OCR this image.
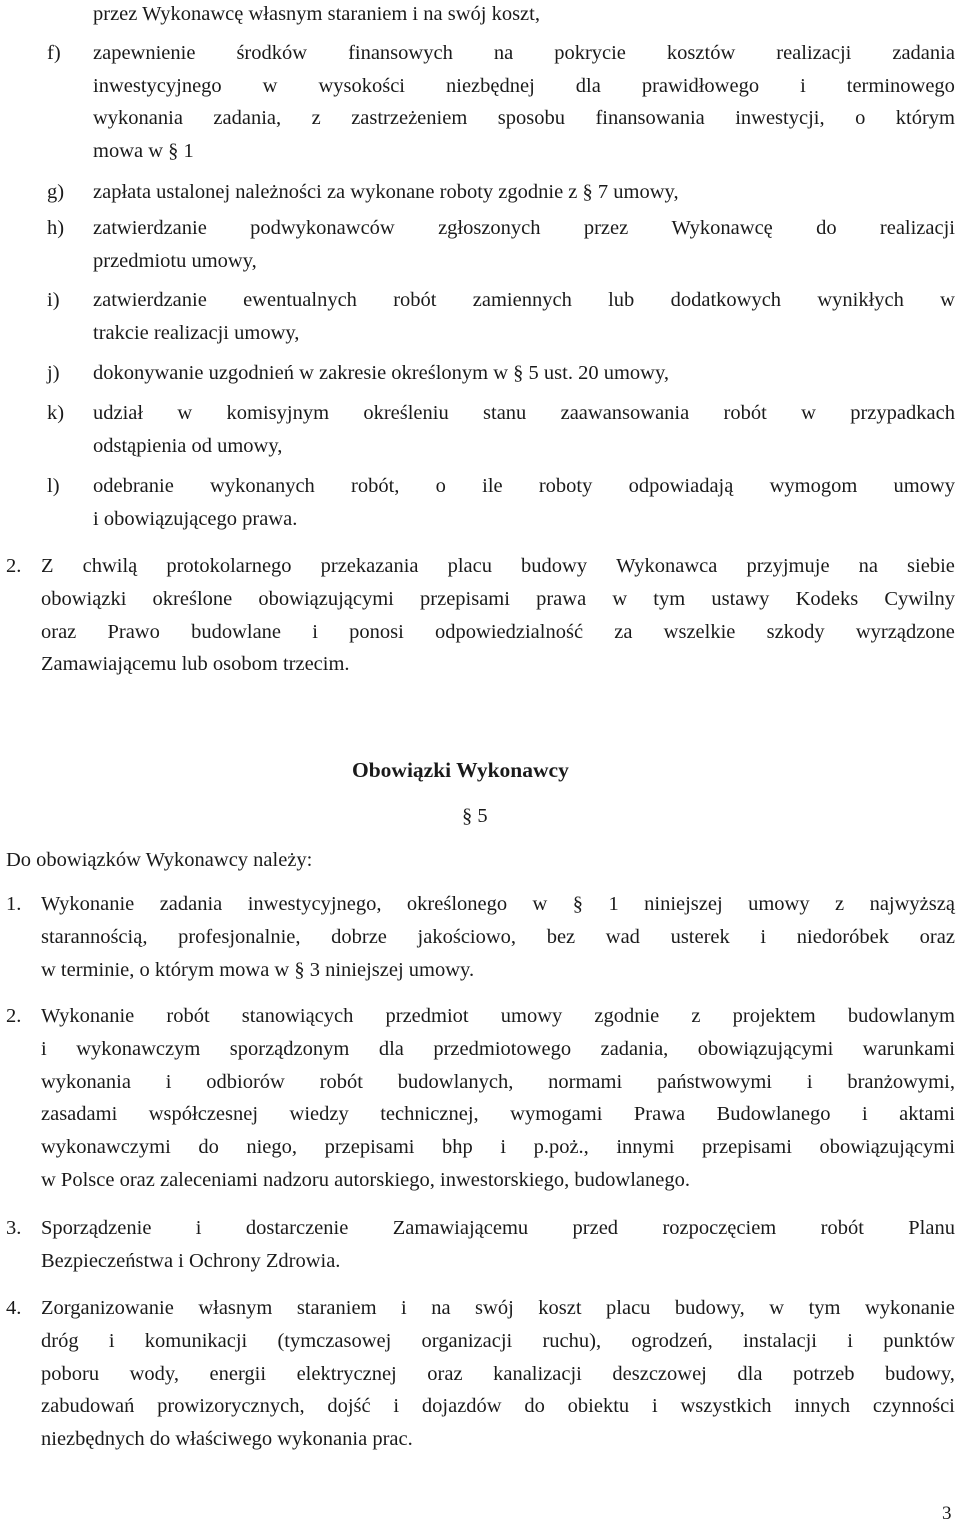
przez Wykonawcę własnym staraniem i na swój koszt,
f) zapewnienie środków finansowych na pokrycie kosztów realizacji zadania
inwestycyjnego w wysokości niezbędnej dla prawidłowego i terminowego
wykonania zadania, z zastrzeżeniem sposobu finansowania inwestycji, o którym
mowa w § 1
g) zapłata ustalonej należności za wykonane roboty zgodnie z § 7 umowy,
h) zatwierdzanie podwykonawców zgłoszonych przez Wykonawcę do realizacji
przedmiotu umowy,
i) zatwierdzanie ewentualnych robót zamiennych lub dodatkowych wynikłych w
trakcie realizacji umowy,
j) dokonywanie uzgodnień w zakresie określonym w § 5 ust. 20 umowy,
k) udział w komisyjnym określeniu stanu zaawansowania robót w przypadkach
odstąpienia od umowy,
l) odebranie wykonanych robót, o ile roboty odpowiadają wymogom umowy
i obowiązującego prawa.
2. Z chwilą protokolarnego przekazania placu budowy Wykonawca przyjmuje na siebie
obowiązki określone obowiązującymi przepisami prawa w tym ustawy Kodeks Cywilny
oraz Prawo budowlane i ponosi odpowiedzialność za wszelkie szkody wyrządzone
Zamawiającemu lub osobom trzecim.
Obowiązki Wykonawcy
§ 5
Do obowiązków Wykonawcy należy:
1. Wykonanie zadania inwestycyjnego, określonego w § 1 niniejszej umowy z najwyższą
starannością, profesjonalnie, dobrze jakościowo, bez wad usterek i niedoróbek oraz
w terminie, o którym mowa w § 3 niniejszej umowy.
2. Wykonanie robót stanowiących przedmiot umowy zgodnie z projektem budowlanym
i wykonawczym sporządzonym dla przedmiotowego zadania, obowiązującymi warunkami
wykonania i odbiorów robót budowlanych, normami państwowymi i branżowymi,
zasadami współczesnej wiedzy technicznej, wymogami Prawa Budowlanego i aktami
wykonawczymi do niego, przepisami bhp i p.poż., innymi przepisami obowiązującymi
w Polsce oraz zaleceniami nadzoru autorskiego, inwestorskiego, budowlanego.
3. Sporządzenie i dostarczenie Zamawiającemu przed rozpoczęciem robót Planu
Bezpieczeństwa i Ochrony Zdrowia.
4. Zorganizowanie własnym staraniem i na swój koszt placu budowy, w tym wykonanie
dróg i komunikacji (tymczasowej organizacji ruchu), ogrodzeń, instalacji i punktów
poboru wody, energii elektrycznej oraz kanalizacji deszczowej dla potrzeb budowy,
zabudowań prowizorycznych, dojść i dojazdów do obiektu i wszystkich innych czynności
niezbędnych do właściwego wykonania prac.
3
